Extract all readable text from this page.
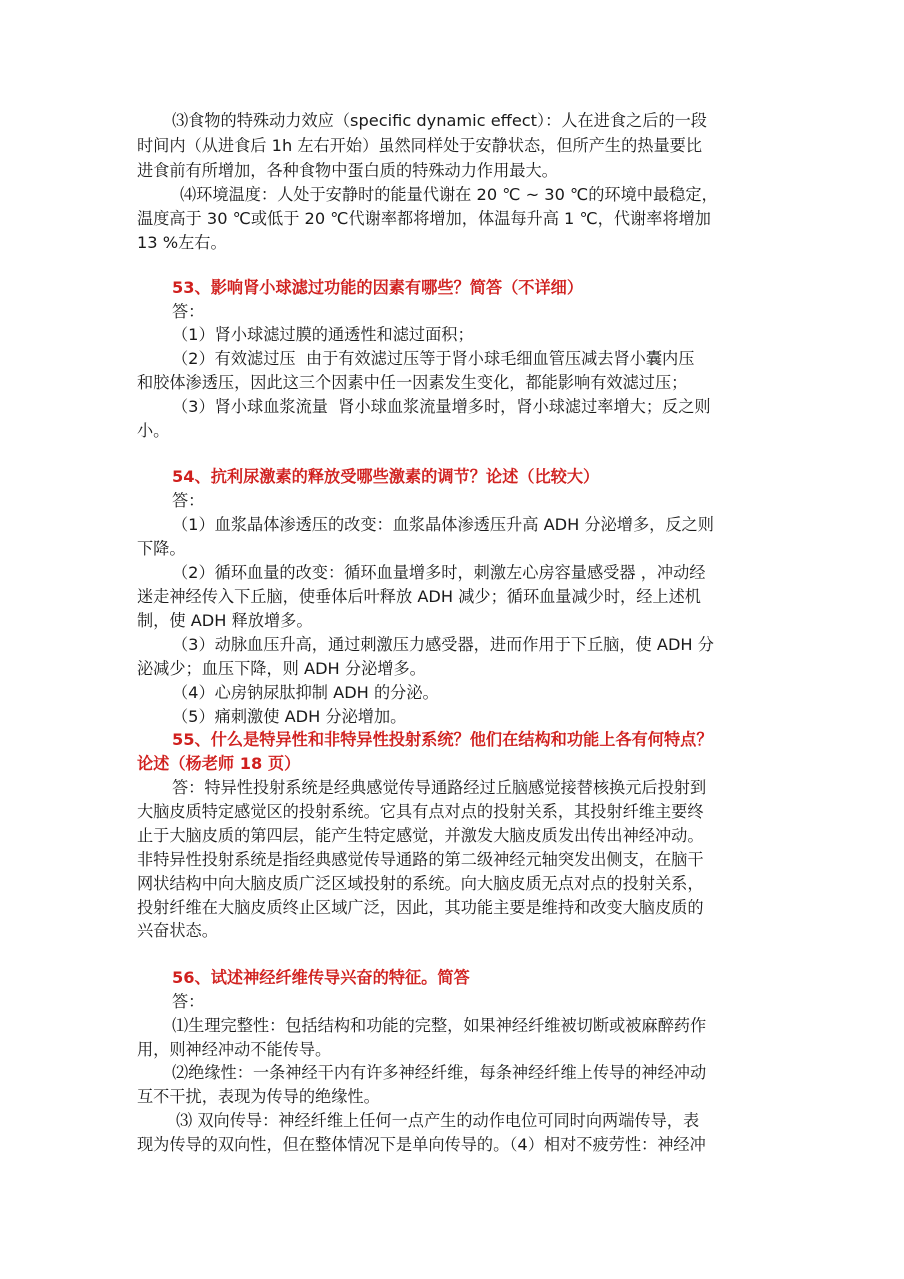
⑶食物的特殊动力效应（specific dynamic effect）：人在进食之后的一段
时间内（从进食后 1h 左右开始）虽然同样处于安静状态，但所产生的热量要比
进食前有所增加，各种食物中蛋白质的特殊动力作用最大。
⑷环境温度：人处于安静时的能量代谢在 20 ℃ ~ 30 ℃的环境中最稳定，
温度高于 30 ℃或低于 20 ℃代谢率都将增加，体温每升高 1 ℃，代谢率将增加
13 %左右。
53、影响肾小球滤过功能的因素有哪些？简答（不详细）
答：
（1）肾小球滤过膜的通透性和滤过面积；
（2）有效滤过压  由于有效滤过压等于肾小球毛细血管压减去肾小囊内压
和胶体渗透压，因此这三个因素中任一因素发生变化，都能影响有效滤过压；
（3）肾小球血浆流量  肾小球血浆流量增多时，肾小球滤过率增大；反之则
小。
54、抗利尿激素的释放受哪些激素的调节？论述（比较大）
答：
（1）血浆晶体渗透压的改变：血浆晶体渗透压升高 ADH 分泌增多，反之则
下降。
（2）循环血量的改变：循环血量增多时，刺激左心房容量感受器 ，冲动经
迷走神经传入下丘脑，使垂体后叶释放 ADH 减少；循环血量减少时，经上述机
制，使 ADH 释放增多。
（3）动脉血压升高，通过刺激压力感受器，进而作用于下丘脑，使 ADH 分
泌减少；血压下降，则 ADH 分泌增多。
（4）心房钠尿肽抑制 ADH 的分泌。
（5）痛刺激使 ADH 分泌增加。
55、什么是特异性和非特异性投射系统？他们在结构和功能上各有何特点？
论述（杨老师 18 页）
答：特异性投射系统是经典感觉传导通路经过丘脑感觉接替核换元后投射到
大脑皮质特定感觉区的投射系统。它具有点对点的投射关系，其投射纤维主要终
止于大脑皮质的第四层，能产生特定感觉，并激发大脑皮质发出传出神经冲动。
非特异性投射系统是指经典感觉传导通路的第二级神经元轴突发出侧支，在脑干
网状结构中向大脑皮质广泛区域投射的系统。向大脑皮质无点对点的投射关系，
投射纤维在大脑皮质终止区域广泛，因此，其功能主要是维持和改变大脑皮质的
兴奋状态。
56、试述神经纤维传导兴奋的特征。简答
答：
⑴生理完整性：包括结构和功能的完整，如果神经纤维被切断或被麻醉药作
用，则神经冲动不能传导。
⑵绝缘性：一条神经干内有许多神经纤维，每条神经纤维上传导的神经冲动
互不干扰，表现为传导的绝缘性。
⑶ 双向传导：神经纤维上任何一点产生的动作电位可同时向两端传导，表
现为传导的双向性，但在整体情况下是单向传导的。（4）相对不疲劳性：神经冲
